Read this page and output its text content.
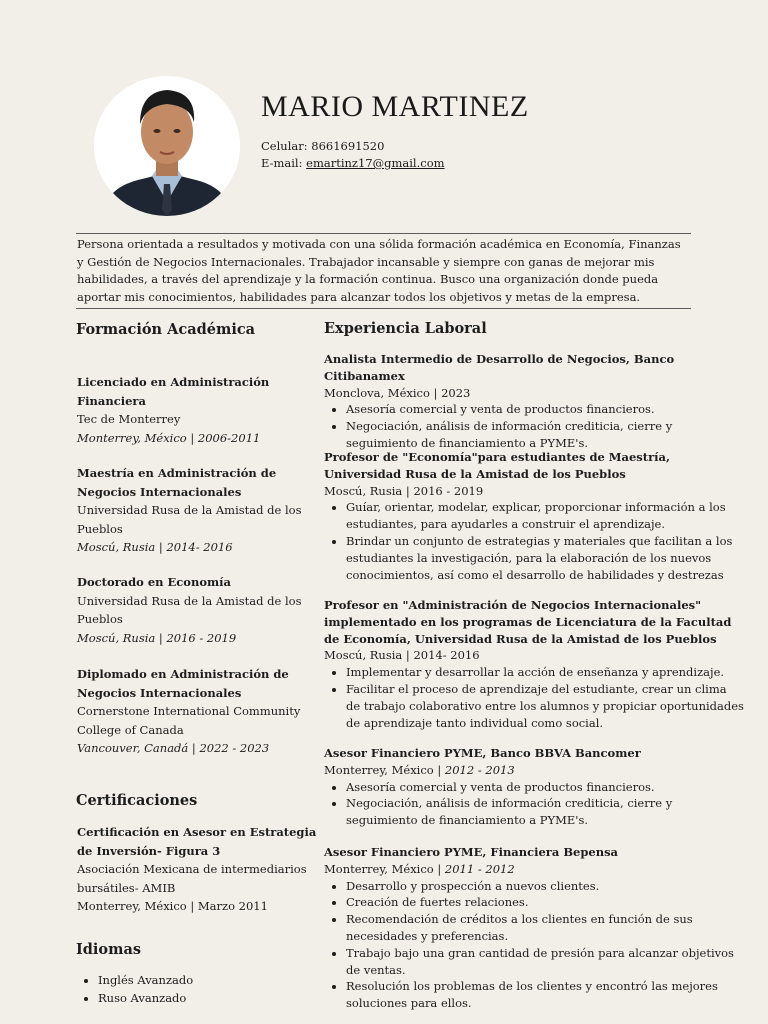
MARIO MARTINEZ
Celular: 8661691520
E-mail: emartinz17@gmail.com

Persona orientada a resultados y motivada con una sólida formación académica en Economía, Finanzas y Gestión de Negocios Internacionales. Trabajador incansable y siempre con ganas de mejorar mis habilidades, a través del aprendizaje y la formación continua. Busco una organización donde pueda aportar mis conocimientos, habilidades para alcanzar todos los objetivos y metas de la empresa.

Formación Académica
Licenciado en Administración Financiera
Tec de Monterrey
Monterrey, México | 2006-2011
Maestría en Administración de Negocios Internacionales
Universidad Rusa de la Amistad de los Pueblos
Moscú, Rusia | 2014- 2016
Doctorado en Economía
Universidad Rusa de la Amistad de los Pueblos
Moscú, Rusia | 2016 - 2019
Diplomado en Administración de Negocios Internacionales
Cornerstone International Community College of Canada
Vancouver, Canadá | 2022 - 2023
Certificaciones
Certificación en Asesor en Estrategia de Inversión- Figura 3
Asociación Mexicana de intermediarios bursátiles- AMIB
Monterrey, México | Marzo 2011
Idiomas
• Inglés Avanzado
• Ruso Avanzado
Experiencia Laboral
Analista Intermedio de Desarrollo de Negocios, Banco Citibanamex
Monclova, México | 2023
• Asesoría comercial y venta de productos financieros.
• Negociación, análisis de información crediticia, cierre y seguimiento de financiamiento a PYME's.
Profesor de "Economía"para estudiantes de Maestría, Universidad Rusa de la Amistad de los Pueblos
Moscú, Rusia | 2016 - 2019
• Guíar, orientar, modelar, explicar, proporcionar información a los estudiantes, para ayudarles a construir el aprendizaje.
• Brindar un conjunto de estrategias y materiales que facilitan a los estudiantes la investigación, para la elaboración de los nuevos conocimientos, así como el desarrollo de habilidades y destrezas
Profesor en "Administración de Negocios Internacionales" implementado en los programas de Licenciatura de la Facultad de Economía, Universidad Rusa de la Amistad de los Pueblos
Moscú, Rusia | 2014- 2016
• Implementar y desarrollar la acción de enseñanza y aprendizaje.
• Facilitar el proceso de aprendizaje del estudiante, crear un clima de trabajo colaborativo entre los alumnos y propiciar oportunidades de aprendizaje tanto individual como social.
Asesor Financiero PYME, Banco BBVA Bancomer
Monterrey, México | 2012 - 2013
• Asesoría comercial y venta de productos financieros.
• Negociación, análisis de información crediticia, cierre y seguimiento de financiamiento a PYME's.
Asesor Financiero PYME, Financiera Bepensa
Monterrey, México | 2011 - 2012
• Desarrollo y prospección a nuevos clientes.
• Creación de fuertes relaciones.
• Recomendación de créditos a los clientes en función de sus necesidades y preferencias.
• Trabajo bajo una gran cantidad de presión para alcanzar objetivos de ventas.
• Resolución los problemas de los clientes y encontró las mejores soluciones para ellos.
